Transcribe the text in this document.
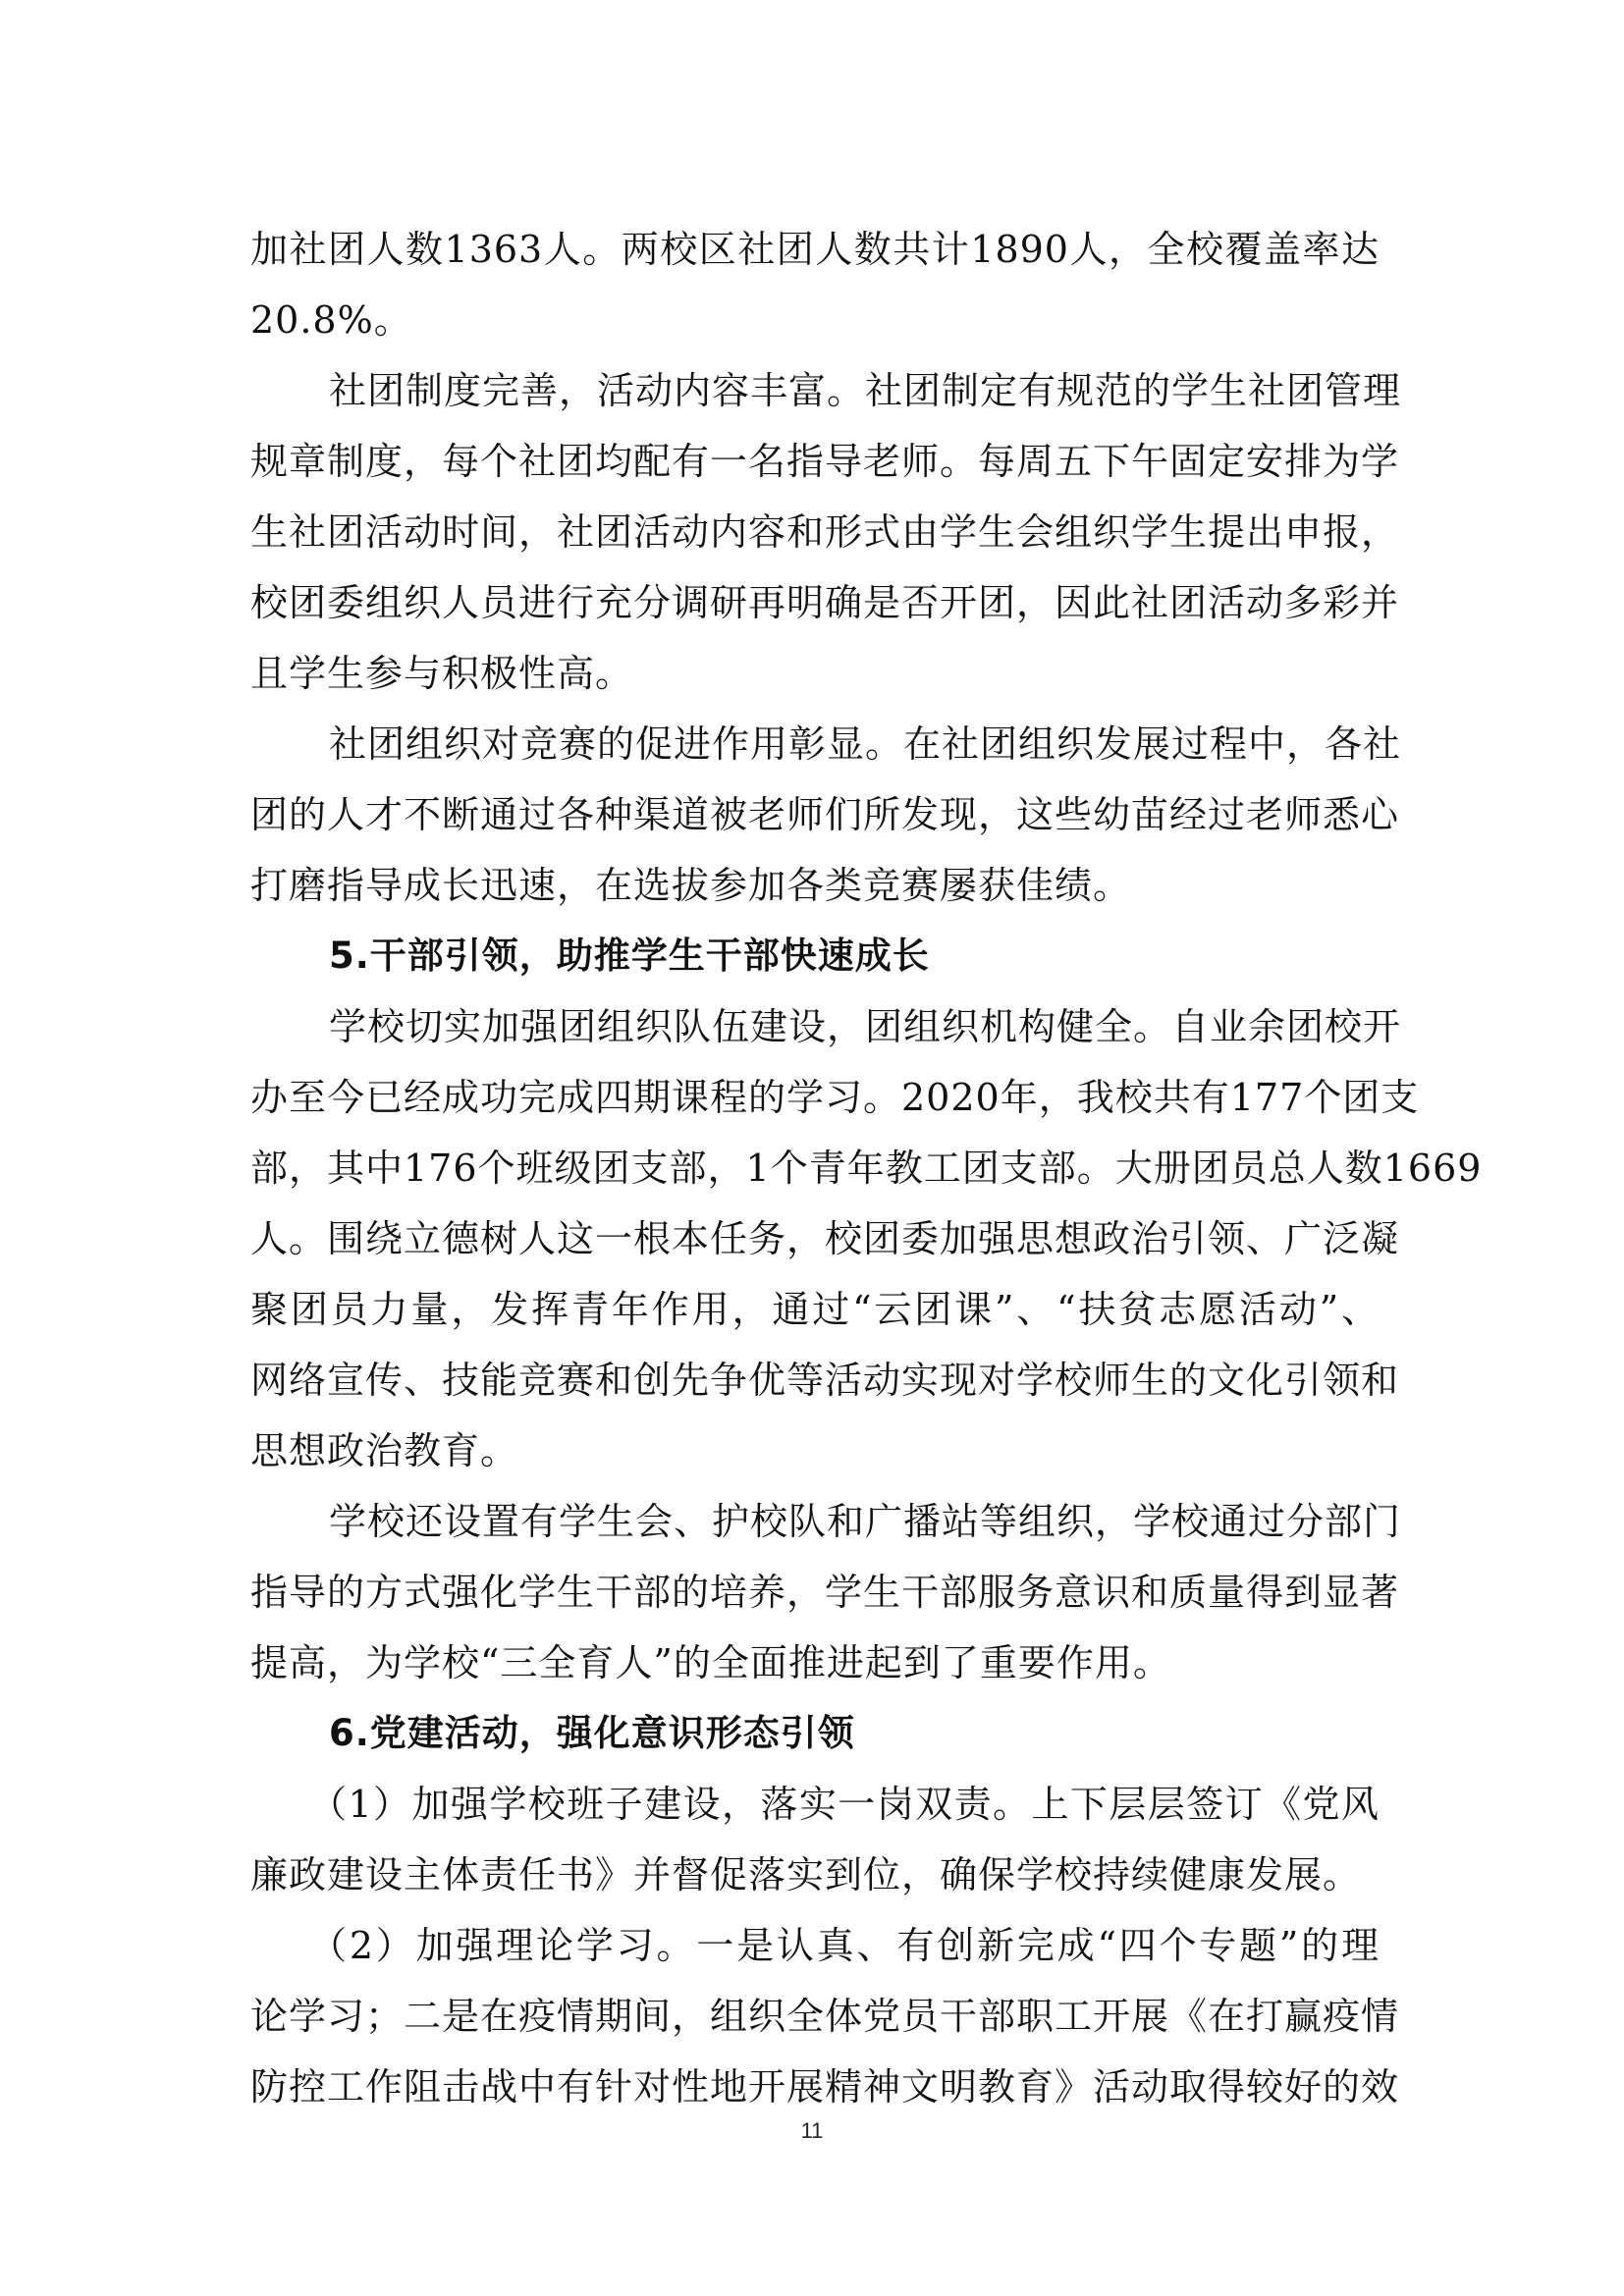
加社团人数1363人。两校区社团人数共计1890人，全校覆盖率达
20.8%。
社团制度完善，活动内容丰富。社团制定有规范的学生社团管理
规章制度，每个社团均配有一名指导老师。每周五下午固定安排为学
生社团活动时间，社团活动内容和形式由学生会组织学生提出申报，
校团委组织人员进行充分调研再明确是否开团，因此社团活动多彩并
且学生参与积极性高。
社团组织对竞赛的促进作用彰显。在社团组织发展过程中，各社
团的人才不断通过各种渠道被老师们所发现，这些幼苗经过老师悉心
打磨指导成长迅速，在选拔参加各类竞赛屡获佳绩。
5.干部引领，助推学生干部快速成长
学校切实加强团组织队伍建设，团组织机构健全。自业余团校开
办至今已经成功完成四期课程的学习。2020年，我校共有177个团支
部，其中176个班级团支部，1个青年教工团支部。大册团员总人数1669
人。围绕立德树人这一根本任务，校团委加强思想政治引领、广泛凝
聚团员力量，发挥青年作用，通过“云团课”、“扶贫志愿活动”、
网络宣传、技能竞赛和创先争优等活动实现对学校师生的文化引领和
思想政治教育。
学校还设置有学生会、护校队和广播站等组织，学校通过分部门
指导的方式强化学生干部的培养，学生干部服务意识和质量得到显著
提高，为学校“三全育人”的全面推进起到了重要作用。
6.党建活动，强化意识形态引领
（1）加强学校班子建设，落实一岗双责。上下层层签订《党风
廉政建设主体责任书》并督促落实到位，确保学校持续健康发展。
（2）加强理论学习。一是认真、有创新完成“四个专题”的理
论学习；二是在疫情期间，组织全体党员干部职工开展《在打赢疫情
防控工作阻击战中有针对性地开展精神文明教育》活动取得较好的效
11
